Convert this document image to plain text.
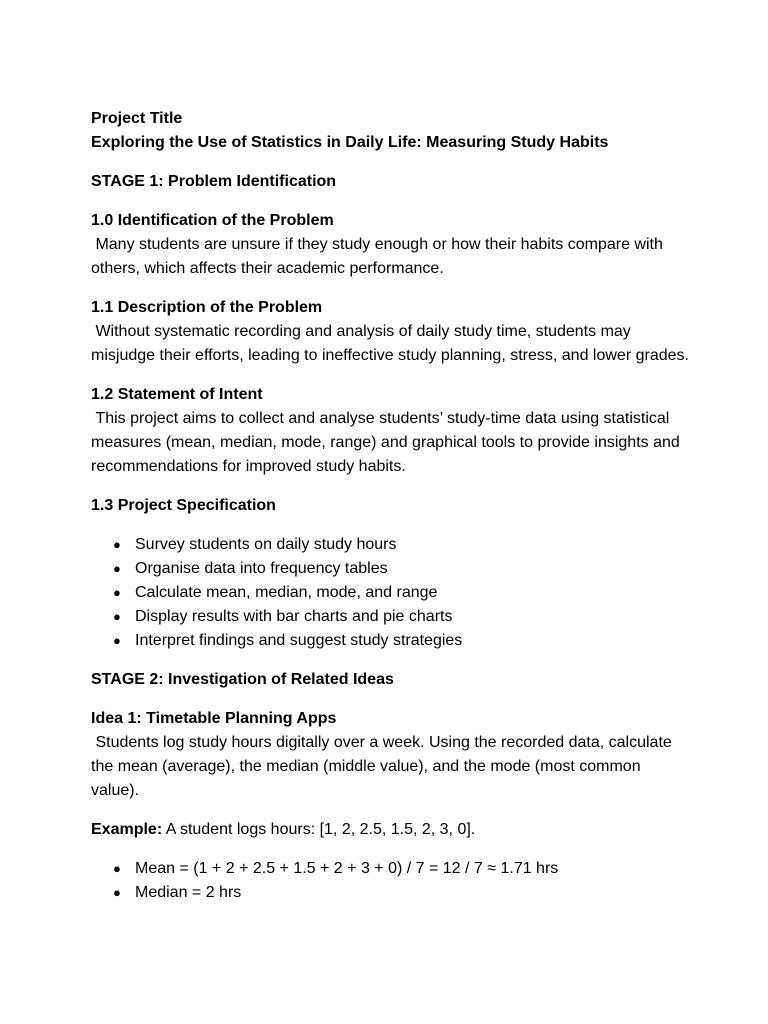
Project Title

Exploring the Use of Statistics in Daily Life: Measuring Study Habits

STAGE 1: Problem Identification

1.0 Identification of the Problem

Many students are unsure if they study enough or how their habits compare with others, which affects their academic performance.

1.1 Description of the Problem

Without systematic recording and analysis of daily study time, students may misjudge their efforts, leading to ineffective study planning, stress, and lower grades.

1.2 Statement of Intent

This project aims to collect and analyse students’ study-time data using statistical measures (mean, median, mode, range) and graphical tools to provide insights and recommendations for improved study habits.

1.3 Project Specification

● Survey students on daily study hours
● Organise data into frequency tables
● Calculate mean, median, mode, and range
● Display results with bar charts and pie charts
● Interpret findings and suggest study strategies

STAGE 2: Investigation of Related Ideas

Idea 1: Timetable Planning Apps

Students log study hours digitally over a week. Using the recorded data, calculate the mean (average), the median (middle value), and the mode (most common value).

Example: A student logs hours: [1, 2, 2.5, 1.5, 2, 3, 0].

● Mean = (1 + 2 + 2.5 + 1.5 + 2 + 3 + 0) / 7 = 12 / 7 ≈ 1.71 hrs
● Median = 2 hrs
